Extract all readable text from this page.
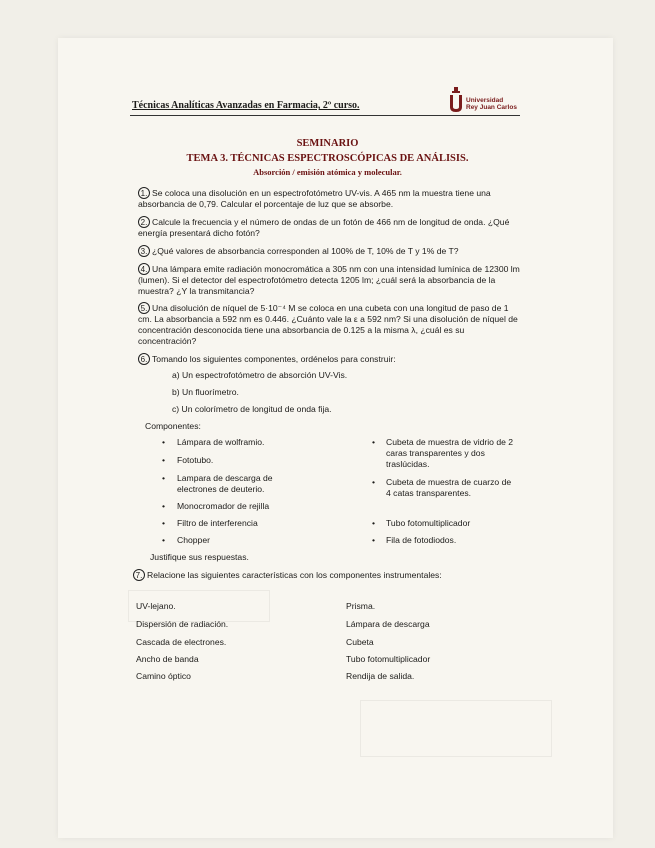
Técnicas Analíticas Avanzadas en Farmacia, 2º curso.	Universidad
Rey Juan Carlos
SEMINARIO
TEMA 3. TÉCNICAS ESPECTROSCÓPICAS DE ANÁLISIS.
Absorción / emisión atómica y molecular.
1. Se coloca una disolución en un espectrofotómetro UV-vis. A 465 nm la muestra tiene una absorbancia de 0,79. Calcular el porcentaje de luz que se absorbe.
2. Calcule la frecuencia y el número de ondas de un fotón de 466 nm de longitud de onda. ¿Qué energía presentará dicho fotón?
3. ¿Qué valores de absorbancia corresponden al 100% de T, 10% de T y 1% de T?
4. Una lámpara emite radiación monocromática a 305 nm con una intensidad lumínica de 12300 lm (lumen). Si el detector del espectrofotómetro detecta 1205 lm; ¿cuál será la absorbancia de la muestra? ¿Y la transmitancia?
5. Una disolución de níquel de 5·10⁻⁴ M se coloca en una cubeta con una longitud de paso de 1 cm. La absorbancia a 592 nm es 0.446. ¿Cuánto vale la ε a 592 nm? Si una disolución de níquel de concentración desconocida tiene una absorbancia de 0.125 a la misma λ, ¿cuál es su concentración?
6. Tomando los siguientes componentes, ordénelos para construir:
a) Un espectrofotómetro de absorción UV-Vis.
b) Un fluorímetro.
c) Un colorímetro de longitud de onda fija.
Componentes:
• Lámpara de wolframio.
• Fototubo.
• Lampara de descarga de electrones de deuterio.
• Monocromador de rejilla
• Filtro de interferencia
• Chopper
• Cubeta de muestra de vidrio de 2 caras transparentes y dos traslúcidas.
• Cubeta de muestra de cuarzo de 4 catas transparentes.
• Tubo fotomultiplicador
• Fila de fotodiodos.
Justifique sus respuestas.
7. Relacione las siguientes características con los componentes instrumentales:
UV-lejano.
Dispersión de radiación.
Cascada de electrones.
Ancho de banda
Camino óptico
Prisma.
Lámpara de descarga
Cubeta
Tubo fotomultiplicador
Rendija de salida.
